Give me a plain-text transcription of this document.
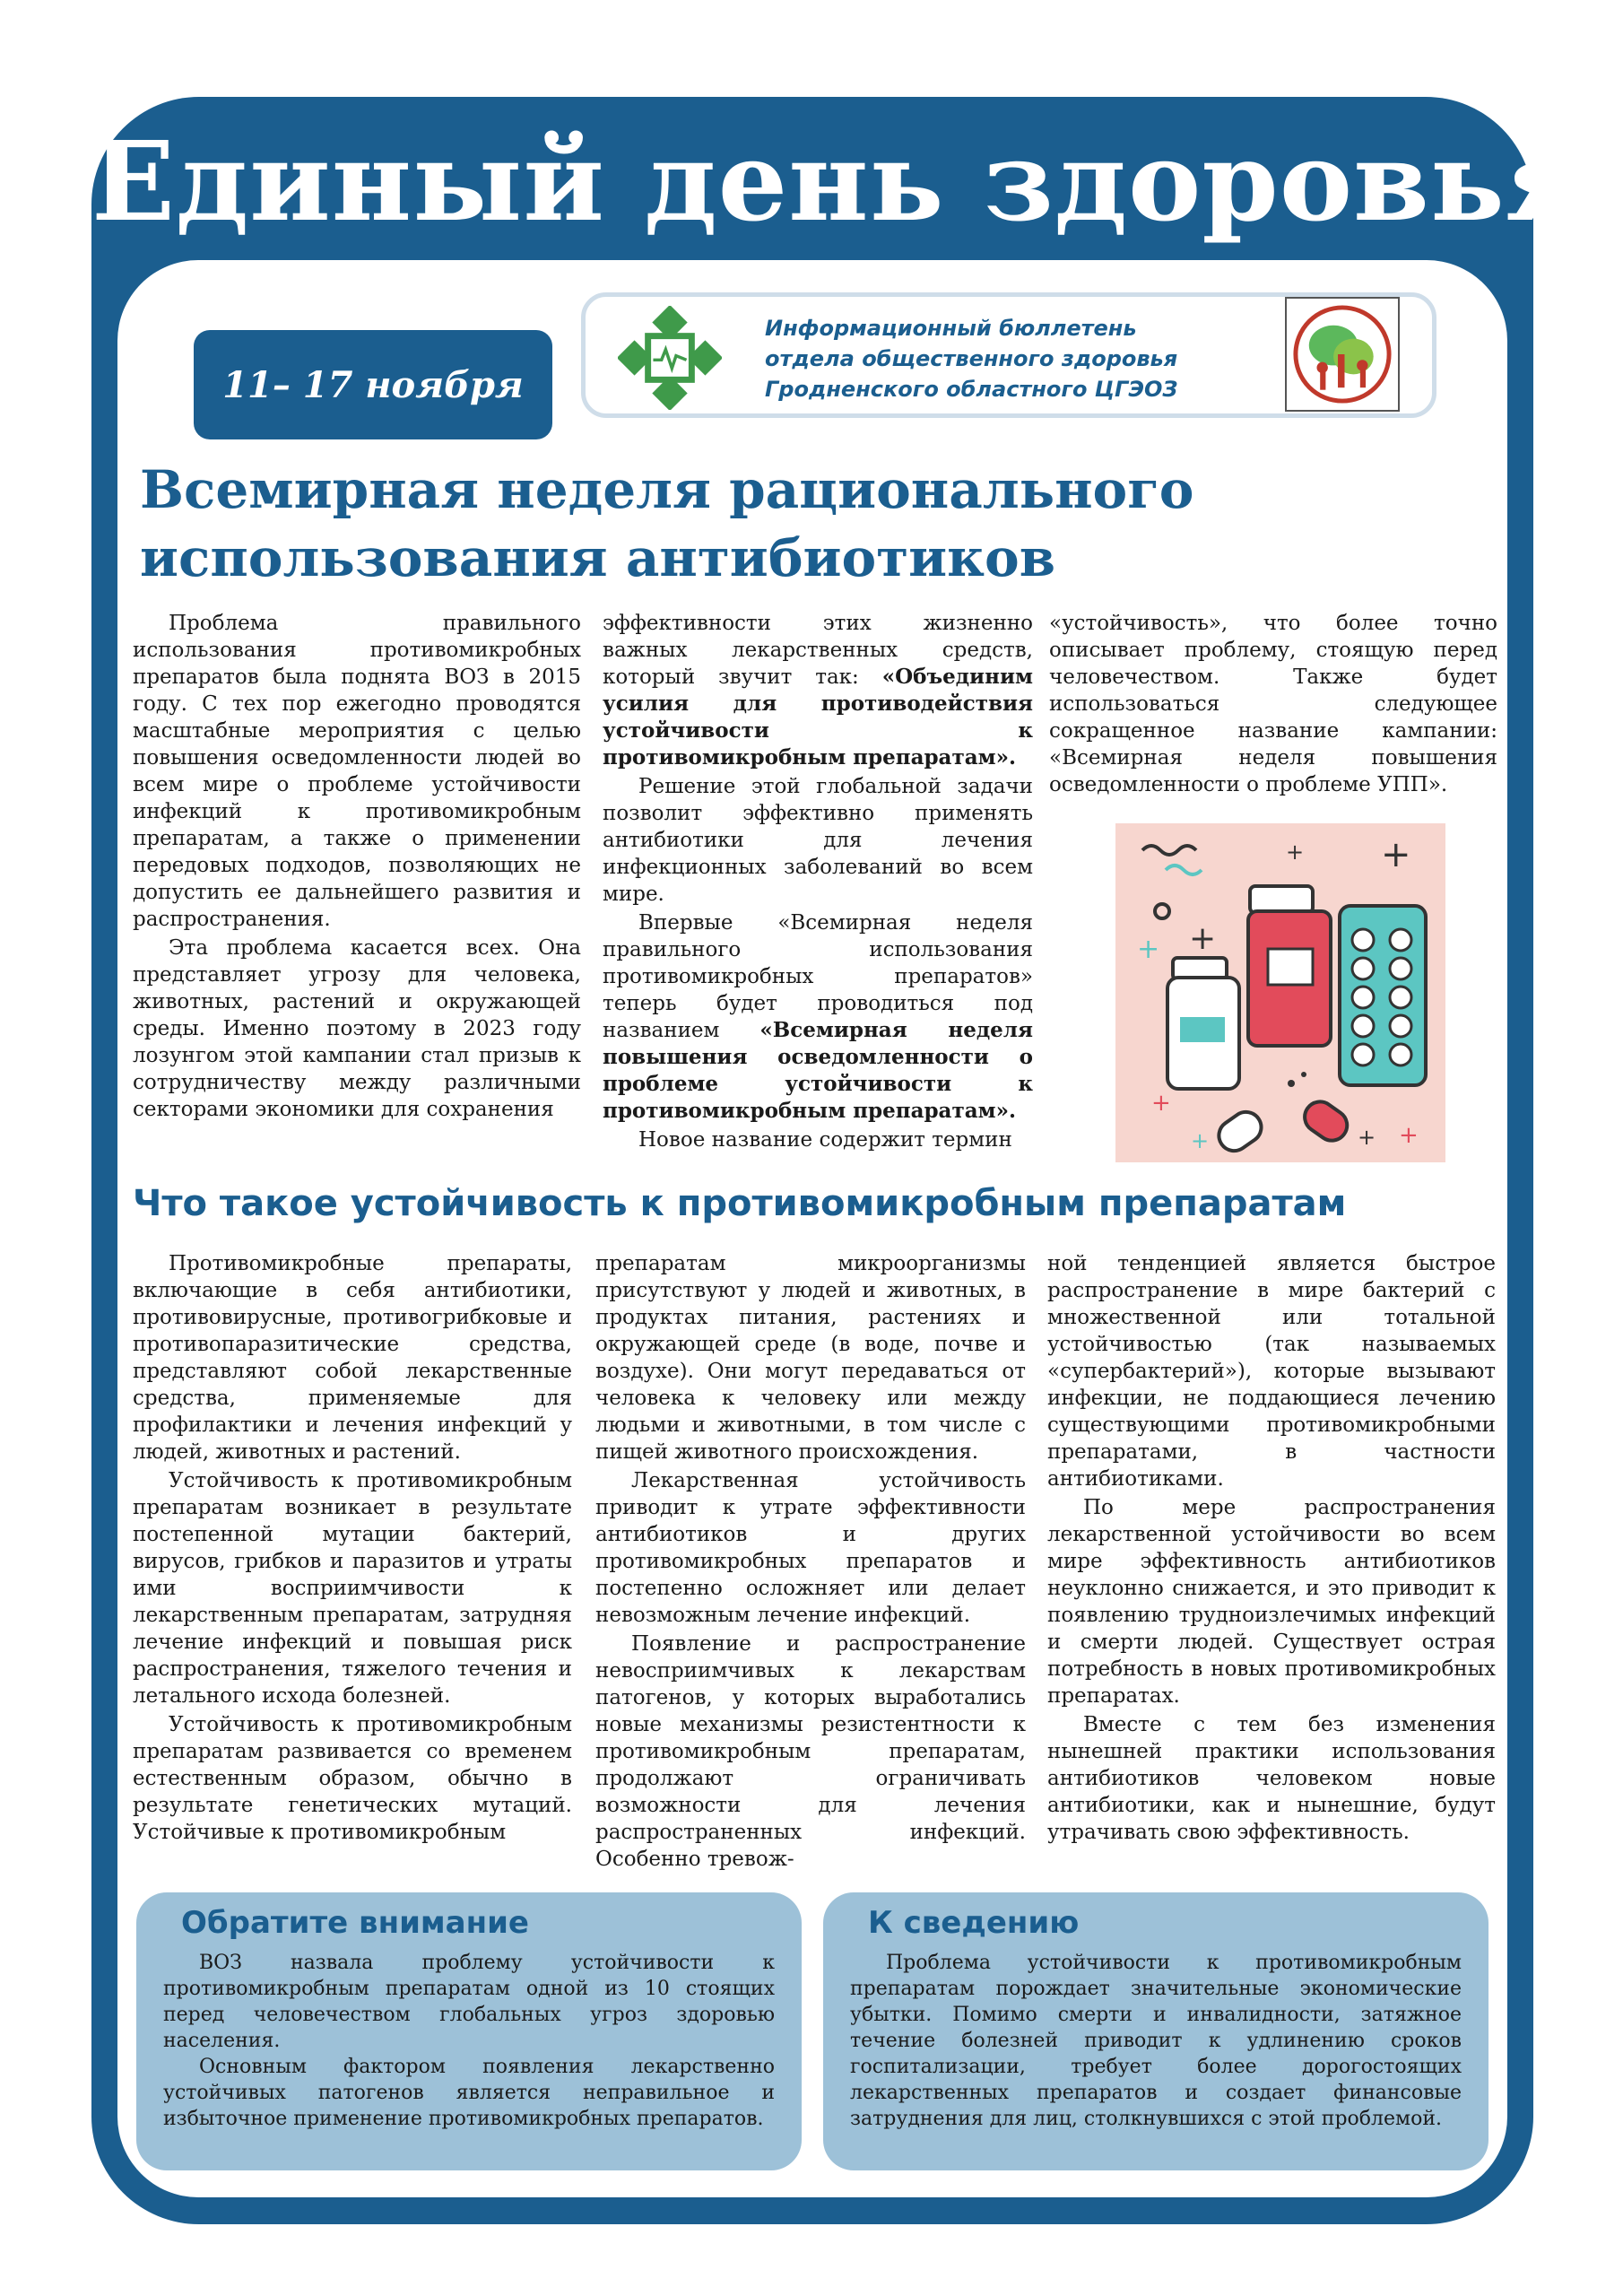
Единый день здоровья
11– 17 ноября
Информационный бюллетень
отдела общественного здоровья
Гродненского областного ЦГЭОЗ
Всемирная неделя рационального
использования антибиотиков

Проблема правильного использования противомикробных препаратов была поднята ВОЗ в 2015 году. С тех пор ежегодно проводятся масштабные мероприятия с целью повышения осведомленности людей во всем мире о проблеме устойчивости инфекций к противомикробным препаратам, а также о применении передовых подходов, позволяющих не допустить ее дальнейшего развития и распространения.

Эта проблема касается всех. Она представляет угрозу для человека, животных, растений и окружающей среды. Именно поэтому в 2023 году лозунгом этой кампании стал призыв к сотрудничеству между различными секторами экономики для сохранения

эффективности этих жизненно важных лекарственных средств, который звучит так: «Объединим усилия для противодействия устойчивости к противомикробным препаратам».

Решение этой глобальной задачи позволит эффективно применять антибиотики для лечения инфекционных заболеваний во всем мире.

Впервые «Всемирная неделя правильного использования противомикробных препаратов» теперь будет проводиться под названием «Всемирная неделя повышения осведомленности о проблеме устойчивости к противомикробным препаратам».

Новое название содержит термин

«устойчивость», что более точно описывает проблему, стоящую перед человечеством. Также будет использоваться следующее сокращенное название кампании: «Всемирная неделя повышения осведомленности о проблеме УПП».

+
+
+
+
+
+
+	+
Что такое устойчивость к противомикробным препаратам

Противомикробные препараты, включающие в себя антибиотики, противовирусные, противогрибковые и противопаразитические средства, представляют собой лекарственные средства, применяемые для профилактики и лечения инфекций у людей, животных и растений.

Устойчивость к противомикробным препаратам возникает в результате постепенной мутации бактерий, вирусов, грибков и паразитов и утраты ими восприимчивости к лекарственным препаратам, затрудняя лечение инфекций и повышая риск распространения, тяжелого течения и летального исхода болезней.

Устойчивость к противомикробным препаратам развивается со временем естественным образом, обычно в результате генетических мутаций. Устойчивые к противомикробным

препаратам микроорганизмы присутствуют у людей и животных, в продуктах питания, растениях и окружающей среде (в воде, почве и воздухе). Они могут передаваться от человека к человеку или между людьми и животными, в том числе с пищей животного происхождения.

Лекарственная устойчивость приводит к утрате эффективности антибиотиков и других противомикробных препаратов и постепенно осложняет или делает невозможным лечение инфекций.

Появление и распространение невосприимчивых к лекарствам патогенов, у которых выработались новые механизмы резистентности к противомикробным препаратам, продолжают ограничивать возможности для лечения распространенных инфекций. Особенно тревож-

ной тенденцией является быстрое распространение в мире бактерий с множественной или тотальной устойчивостью (так называемых «супербактерий»), которые вызывают инфекции, не поддающиеся лечению существующими противомикробными препаратами, в частности антибиотиками.

По мере распространения лекарственной устойчивости во всем мире эффективность антибиотиков неуклонно снижается, и это приводит к появлению трудноизлечимых инфекций и смерти людей. Существует острая потребность в новых противомикробных препаратах.

Вместе с тем без изменения нынешней практики использования антибиотиков человеком новые антибиотики, как и нынешние, будут утрачивать свою эффективность.

Обратите внимание

ВОЗ назвала проблему устойчивости к противомикробным препаратам одной из 10 стоящих перед человечеством глобальных угроз здоровью населения.

Основным фактором появления лекарственно устойчивых патогенов является неправильное и избыточное применение противомикробных препаратов.

К сведению

Проблема устойчивости к противомикробным препаратам порождает значительные экономические убытки. Помимо смерти и инвалидности, затяжное течение болезней приводит к удлинению сроков госпитализации, требует более дорогостоящих лекарственных препаратов и создает финансовые затруднения для лиц, столкнувшихся с этой проблемой.
